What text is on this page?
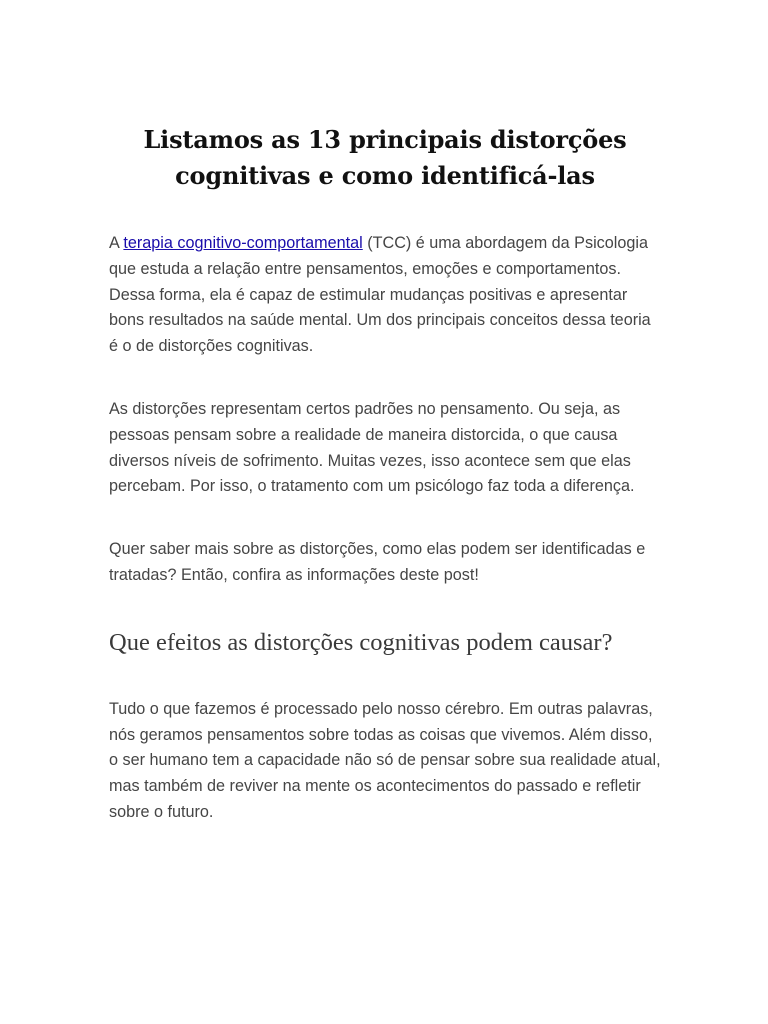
Listamos as 13 principais distorções cognitivas e como identificá-las

A terapia cognitivo-comportamental (TCC) é uma abordagem da Psicologia que estuda a relação entre pensamentos, emoções e comportamentos. Dessa forma, ela é capaz de estimular mudanças positivas e apresentar bons resultados na saúde mental. Um dos principais conceitos dessa teoria é o de distorções cognitivas.

As distorções representam certos padrões no pensamento. Ou seja, as pessoas pensam sobre a realidade de maneira distorcida, o que causa diversos níveis de sofrimento. Muitas vezes, isso acontece sem que elas percebam. Por isso, o tratamento com um psicólogo faz toda a diferença.

Quer saber mais sobre as distorções, como elas podem ser identificadas e tratadas? Então, confira as informações deste post!

Que efeitos as distorções cognitivas podem causar?

Tudo o que fazemos é processado pelo nosso cérebro. Em outras palavras, nós geramos pensamentos sobre todas as coisas que vivemos. Além disso, o ser humano tem a capacidade não só de pensar sobre sua realidade atual, mas também de reviver na mente os acontecimentos do passado e refletir sobre o futuro.
